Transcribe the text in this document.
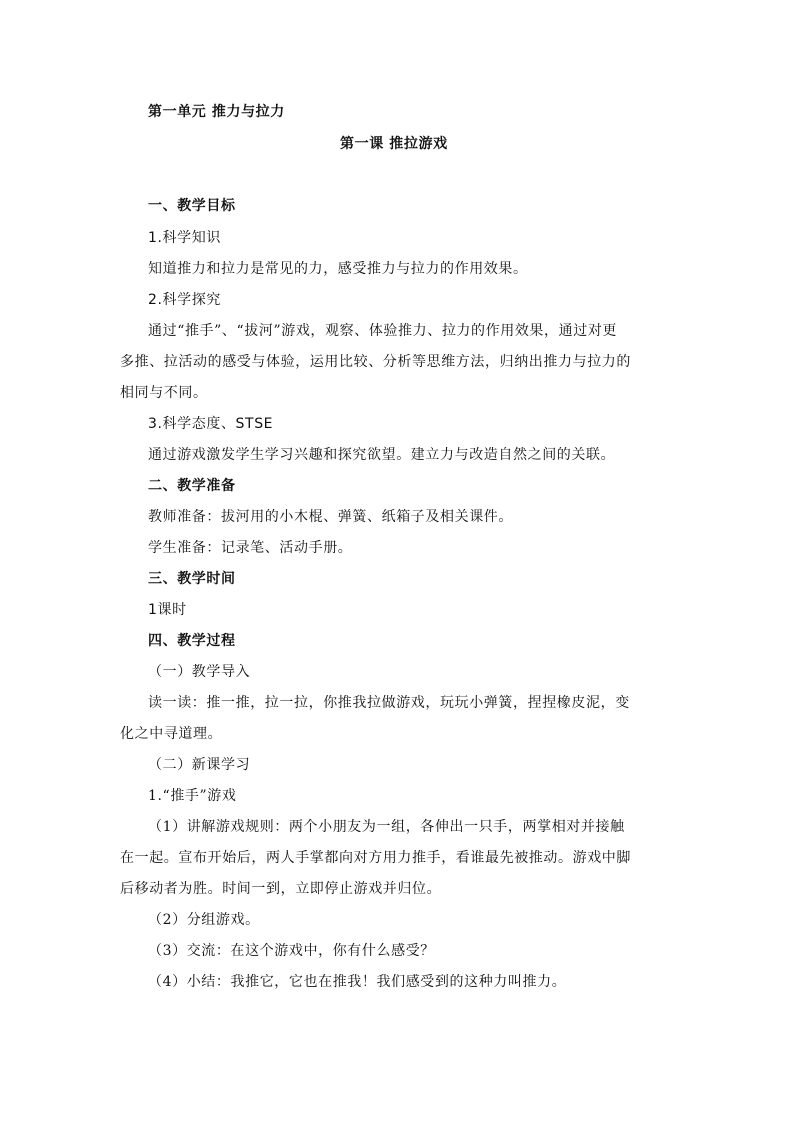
第一单元 推力与拉力
第一课 推拉游戏
一、教学目标
1.科学知识
知道推力和拉力是常见的力，感受推力与拉力的作用效果。
2.科学探究
通过“推手”、“拔河”游戏，观察、体验推力、拉力的作用效果，通过对更
多推、拉活动的感受与体验，运用比较、分析等思维方法，归纳出推力与拉力的
相同与不同。
3.科学态度、STSE
通过游戏激发学生学习兴趣和探究欲望。建立力与改造自然之间的关联。
二、教学准备
教师准备：拔河用的小木棍、弹簧、纸箱子及相关课件。
学生准备：记录笔、活动手册。
三、教学时间
1课时
四、教学过程
（一）教学导入
读一读：推一推，拉一拉，你推我拉做游戏，玩玩小弹簧，捏捏橡皮泥，变
化之中寻道理。
（二）新课学习
1.“推手”游戏
（1）讲解游戏规则：两个小朋友为一组，各伸出一只手，两掌相对并接触
在一起。宣布开始后，两人手掌都向对方用力推手，看谁最先被推动。游戏中脚
后移动者为胜。时间一到，立即停止游戏并归位。
（2）分组游戏。
（3）交流：在这个游戏中，你有什么感受？
（4）小结：我推它，它也在推我！我们感受到的这种力叫推力。
